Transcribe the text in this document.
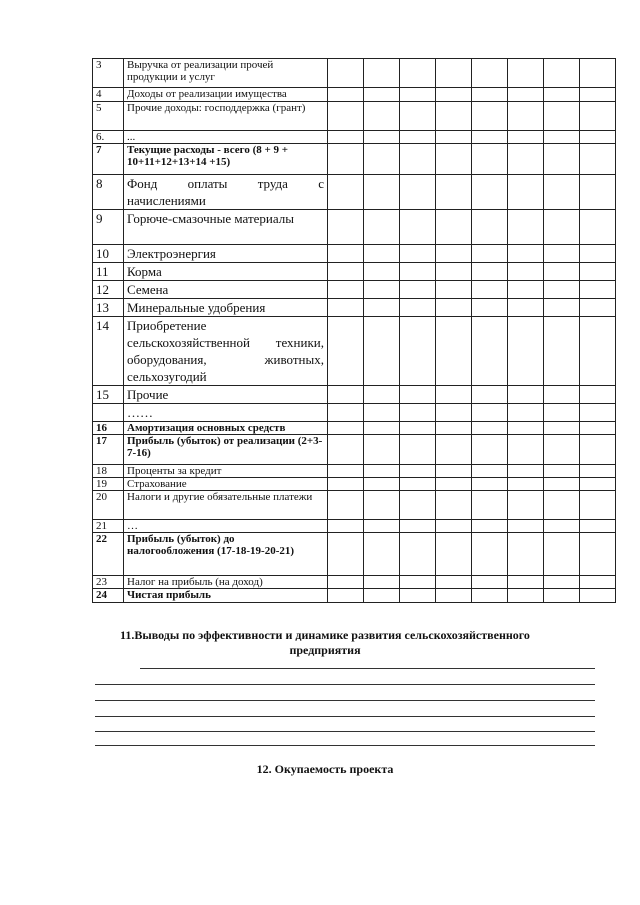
3	Выручка от реализации прочей продукции и услуг								
4	Доходы от реализации имущества								
5	Прочие доходы: господдержка (грант)								
6.	...								
7	Текущие расходы - всего (8 + 9 + 10+11+12+13+14 +15)								
8	Фонд оплаты труда с начислениями								
9	Горюче-смазочные материалы								
10	Электроэнергия								
11	Корма								
12	Семена								
13	Минеральные удобрения								
14	Приобретение сельскохозяйственной техники, оборудования, животных, сельхозугодий								
15	Прочие								
	……								
16	Амортизация основных средств								
17	Прибыль (убыток) от реализации (2+3-7-16)								
18	Проценты за кредит								
19	Страхование								
20	Налоги и другие обязательные платежи								
21	…								
22	Прибыль (убыток) до налогообложения (17-18-19-20-21)								
23	Налог на прибыль (на доход)								
24	Чистая прибыль								
11.Выводы по эффективности и динамике развития сельскохозяйственного предприятия
12. Окупаемость проекта
